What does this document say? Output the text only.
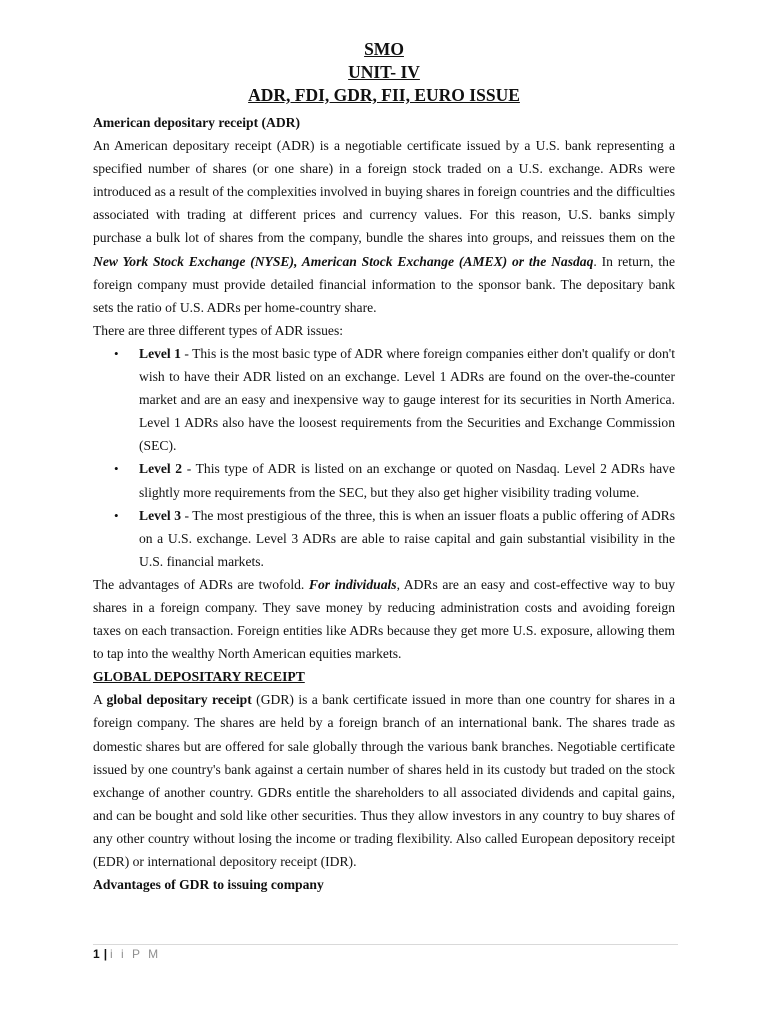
SMO
UNIT- IV
ADR, FDI, GDR, FII, EURO ISSUE

American depositary receipt (ADR)

An American depositary receipt (ADR) is a negotiable certificate issued by a U.S. bank representing a specified number of shares (or one share) in a foreign stock traded on a U.S. exchange. ADRs were introduced as a result of the complexities involved in buying shares in foreign countries and the difficulties associated with trading at different prices and currency values. For this reason, U.S. banks simply purchase a bulk lot of shares from the company, bundle the shares into groups, and reissues them on the New York Stock Exchange (NYSE), American Stock Exchange (AMEX) or the Nasdaq. In return, the foreign company must provide detailed financial information to the sponsor bank. The depositary bank sets the ratio of U.S. ADRs per home-country share.

There are three different types of ADR issues:

• Level 1 - This is the most basic type of ADR where foreign companies either don't qualify or don't wish to have their ADR listed on an exchange. Level 1 ADRs are found on the over-the-counter market and are an easy and inexpensive way to gauge interest for its securities in North America. Level 1 ADRs also have the loosest requirements from the Securities and Exchange Commission (SEC).
• Level 2 - This type of ADR is listed on an exchange or quoted on Nasdaq. Level 2 ADRs have slightly more requirements from the SEC, but they also get higher visibility trading volume.
• Level 3 - The most prestigious of the three, this is when an issuer floats a public offering of ADRs on a U.S. exchange. Level 3 ADRs are able to raise capital and gain substantial visibility in the U.S. financial markets.

The advantages of ADRs are twofold. For individuals, ADRs are an easy and cost-effective way to buy shares in a foreign company. They save money by reducing administration costs and avoiding foreign taxes on each transaction. Foreign entities like ADRs because they get more U.S. exposure, allowing them to tap into the wealthy North American equities markets.

GLOBAL DEPOSITARY RECEIPT

A global depositary receipt (GDR) is a bank certificate issued in more than one country for shares in a foreign company. The shares are held by a foreign branch of an international bank. The shares trade as domestic shares but are offered for sale globally through the various bank branches. Negotiable certificate issued by one country's bank against a certain number of shares held in its custody but traded on the stock exchange of another country. GDRs entitle the shareholders to all associated dividends and capital gains, and can be bought and sold like other securities. Thus they allow investors in any country to buy shares of any other country without losing the income or trading flexibility. Also called European depository receipt (EDR) or international depository receipt (IDR).

Advantages of GDR to issuing company

1 | i i P M
